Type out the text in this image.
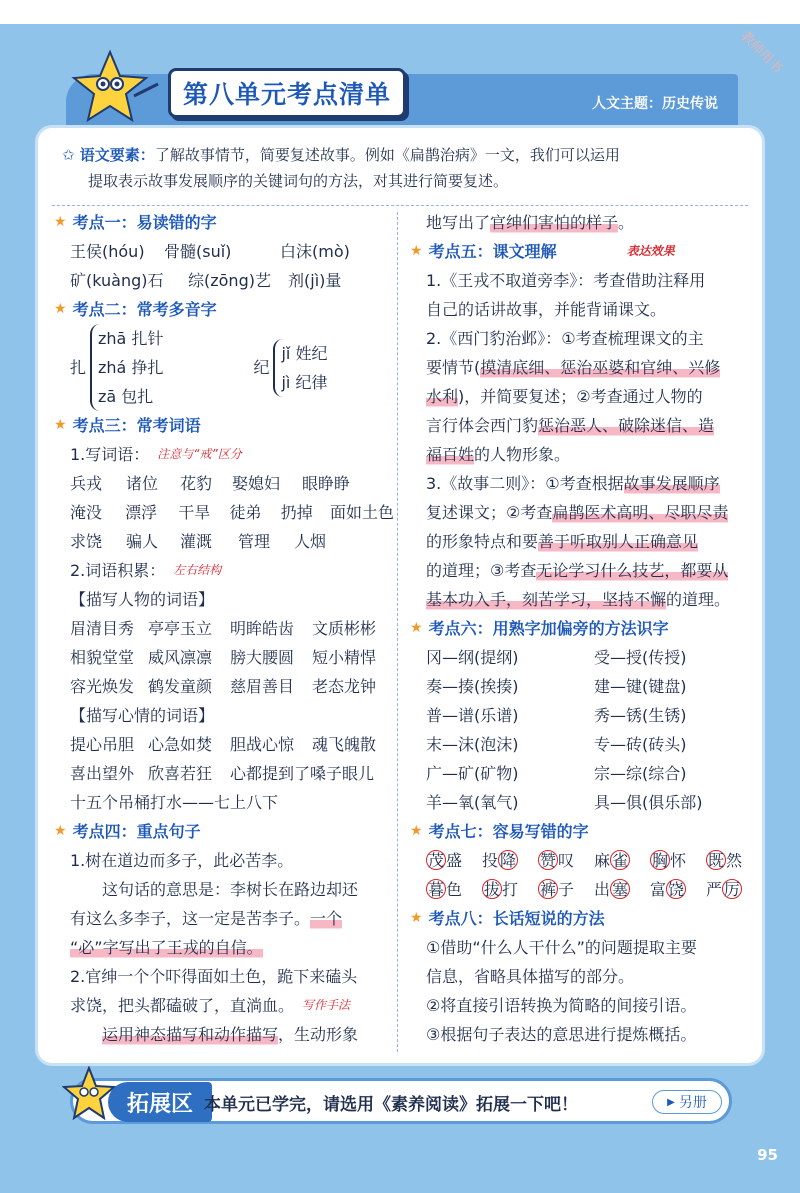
教师用书
第八单元考点清单	人文主题：历史传说
✩ 语文要素：了解故事情节，简要复述故事。例如《扁鹊治病》一文，我们可以运用
提取表示故事发展顺序的关键词句的方法，对其进行简要复述。
★ 考点一：易读错的字
王侯(hóu)	骨髓(suǐ)	白沫(mò)
矿(kuàng)石	综(zōng)艺	剂(jì)量
★ 考点二：常考多音字
扎
zhā 扎针
zhá 挣扎
zā 包扎
纪
jǐ 姓纪
jì 纪律
★ 考点三：常考词语
1.写词语： 注意与“戒”区分
兵戎	诸位	花豹	娶媳妇	眼睁睁
淹没	漂浮	干旱	徒弟	扔掉	面如土色
求饶	骗人	灌溉	管理	人烟
2.词语积累： 左右结构
【描写人物的词语】
眉清目秀 亭亭玉立	明眸皓齿	文质彬彬
相貌堂堂 威风凛凛	膀大腰圆	短小精悍
容光焕发 鹤发童颜	慈眉善目	老态龙钟
【描写心情的词语】
提心吊胆 心急如焚	胆战心惊	魂飞魄散
喜出望外 欣喜若狂	心都提到了嗓子眼儿
十五个吊桶打水——七上八下
★ 考点四：重点句子
1.树在道边而多子，此必苦李。
这句话的意思是：李树长在路边却还
有这么多李子，这一定是苦李子。 一个
“必”字写出了王戎的自信。
2.官绅一个个吓得面如土色，跪下来磕头
求饶，把头都磕破了，直淌血。 写作手法
运用神态描写和动作描写 ，生动形象
地写出了 官绅们害怕的样子 。
★ 考点五：课文理解	表达效果
1.《王戎不取道旁李》：考查借助注释用
自己的话讲故事，并能背诵课文。
2.《西门豹治邺》：①考查梳理课文的主
要情节( 摸清底细、惩治巫婆和官绅、兴修
水利 )，并简要复述；②考查通过人物的
言行体会西门豹 惩治恶人、破除迷信、造
福百姓 的人物形象。
3.《故事二则》：①考查根据 故事发展顺序
复述课文；②考查 扁鹊医术高明、尽职尽责
的形象特点和要 善于听取别人正确意见
的道理；③考查 无论学习什么技艺，都要从
基本功入手，刻苦学习，坚持不懈 的道理。
★ 考点六：用熟字加偏旁的方法识字
冈—纲(提纲)	受—授(传授)
奏—揍(挨揍)	建—键(键盘)
普—谱(乐谱)	秀—锈(生锈)
末—沫(泡沫)	专—砖(砖头)
广—矿(矿物)	宗—综(综合)
羊—氧(氧气)	具—俱(俱乐部)
★ 考点七：容易写错的字
茂 盛	投 降	赞 叹	麻 雀	胸 怀	既 然
暮 色	拔 打	裤 子	出 塞	富 饶	严 厉
★ 考点八：长话短说的方法
①借助“什么人干什么”的问题提取主要
信息，省略具体描写的部分。
②将直接引语转换为简略的间接引语。
③根据句子表达的意思进行提炼概括。
拓展区 本单元已学完，请选用《素养阅读》拓展一下吧！	▶ 另册
95
